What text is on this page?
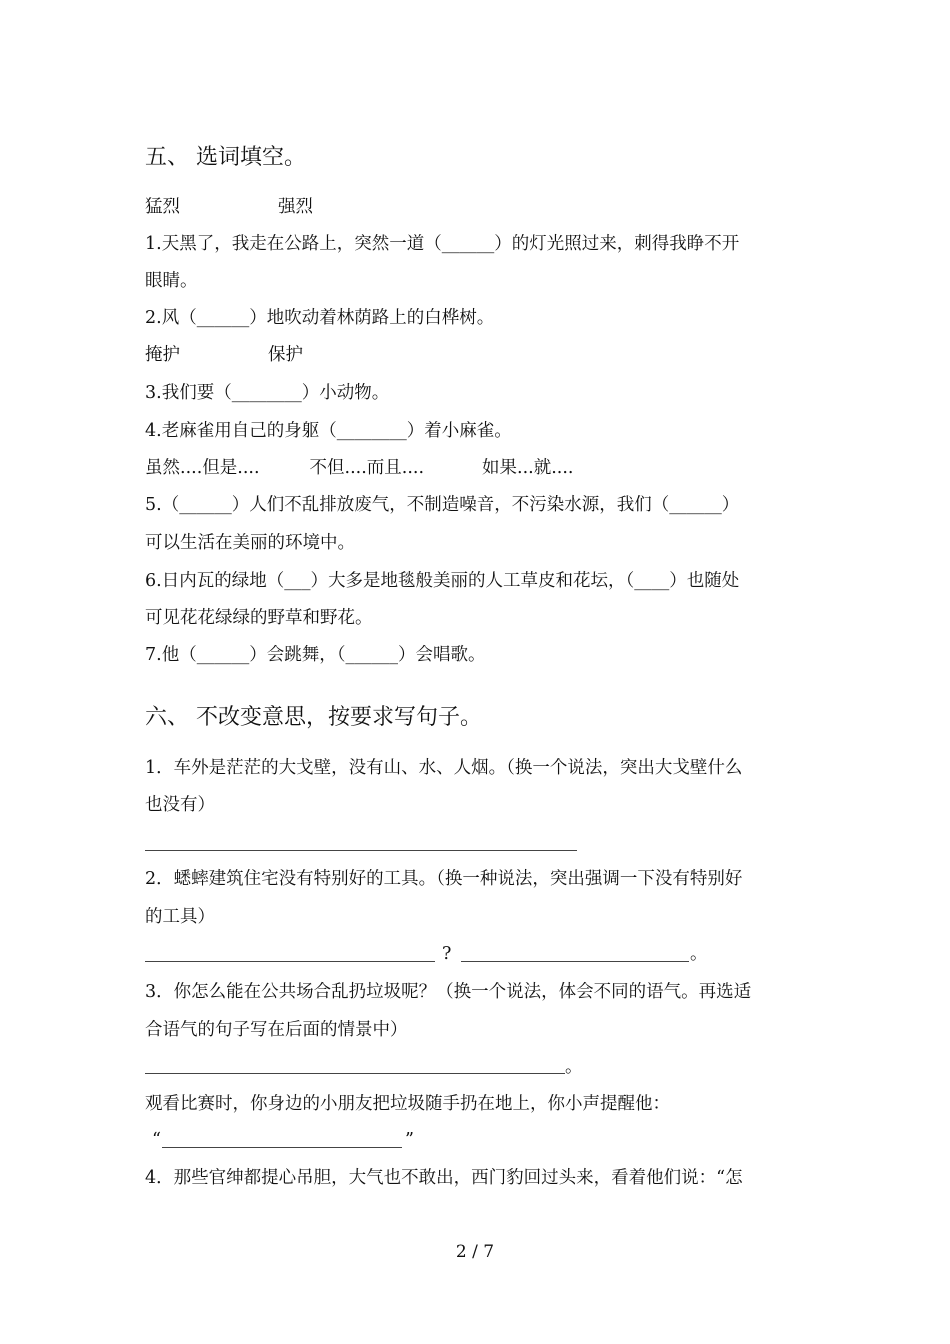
五、 选词填空。
猛烈	强烈
1.天黑了，我走在公路上，突然一道（______）的灯光照过来，刺得我睁不开
眼睛。
2.风（______）地吹动着林荫路上的白桦树。
掩护	保护
3.我们要（________）小动物。
4.老麻雀用自己的身躯（________）着小麻雀。
虽然....但是....	不但....而且....	如果...就....
5.（______）人们不乱排放废气，不制造噪音，不污染水源，我们（______）
可以生活在美丽的环境中。
6.日内瓦的绿地（___）大多是地毯般美丽的人工草皮和花坛，（____）也随处
可见花花绿绿的野草和野花。
7.他（______）会跳舞，（______）会唱歌。
六、 不改变意思，按要求写句子。
1．车外是茫茫的大戈壁，没有山、水、人烟。（换一个说法，突出大戈壁什么
也没有）
2．蟋蟀建筑住宅没有特别好的工具。（换一种说法，突出强调一下没有特别好
的工具）
?	。
3．你怎么能在公共场合乱扔垃圾呢？（换一个说法，体会不同的语气。再选适
合语气的句子写在后面的情景中）
。
观看比赛时，你身边的小朋友把垃圾随手扔在地上，你小声提醒他：
“	”
4．那些官绅都提心吊胆，大气也不敢出，西门豹回过头来，看着他们说：“怎
2 / 7
